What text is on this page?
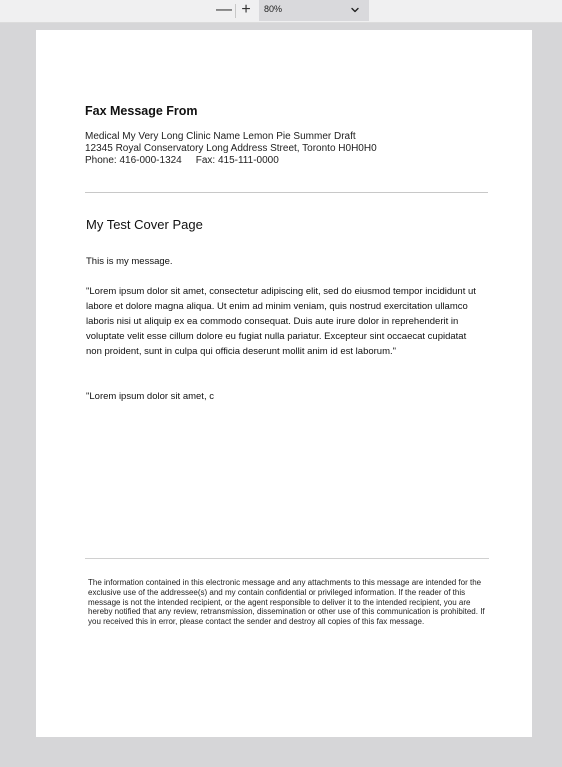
— +	80%
Fax Message From
Medical My Very Long Clinic Name Lemon Pie Summer Draft
12345 Royal Conservatory Long Address Street, Toronto H0H0H0
Phone: 416-000-1324 Fax: 415-111-0000
My Test Cover Page
This is my message.
"Lorem ipsum dolor sit amet, consectetur adipiscing elit, sed do eiusmod tempor incididunt ut labore et dolore magna aliqua. Ut enim ad minim veniam, quis nostrud exercitation ullamco laboris nisi ut aliquip ex ea commodo consequat. Duis aute irure dolor in reprehenderit in voluptate velit esse cillum dolore eu fugiat nulla pariatur. Excepteur sint occaecat cupidatat non proident, sunt in culpa qui officia deserunt mollit anim id est laborum."
"Lorem ipsum dolor sit amet, c
The information contained in this electronic message and any attachments to this message are intended for the exclusive use of the addressee(s) and my contain confidential or privileged information. If the reader of this message is not the intended recipient, or the agent responsible to deliver it to the intended recipient, you are hereby notified that any review, retransmission, dissemination or other use of this communication is prohibited. If you received this in error, please contact the sender and destroy all copies of this fax message.
